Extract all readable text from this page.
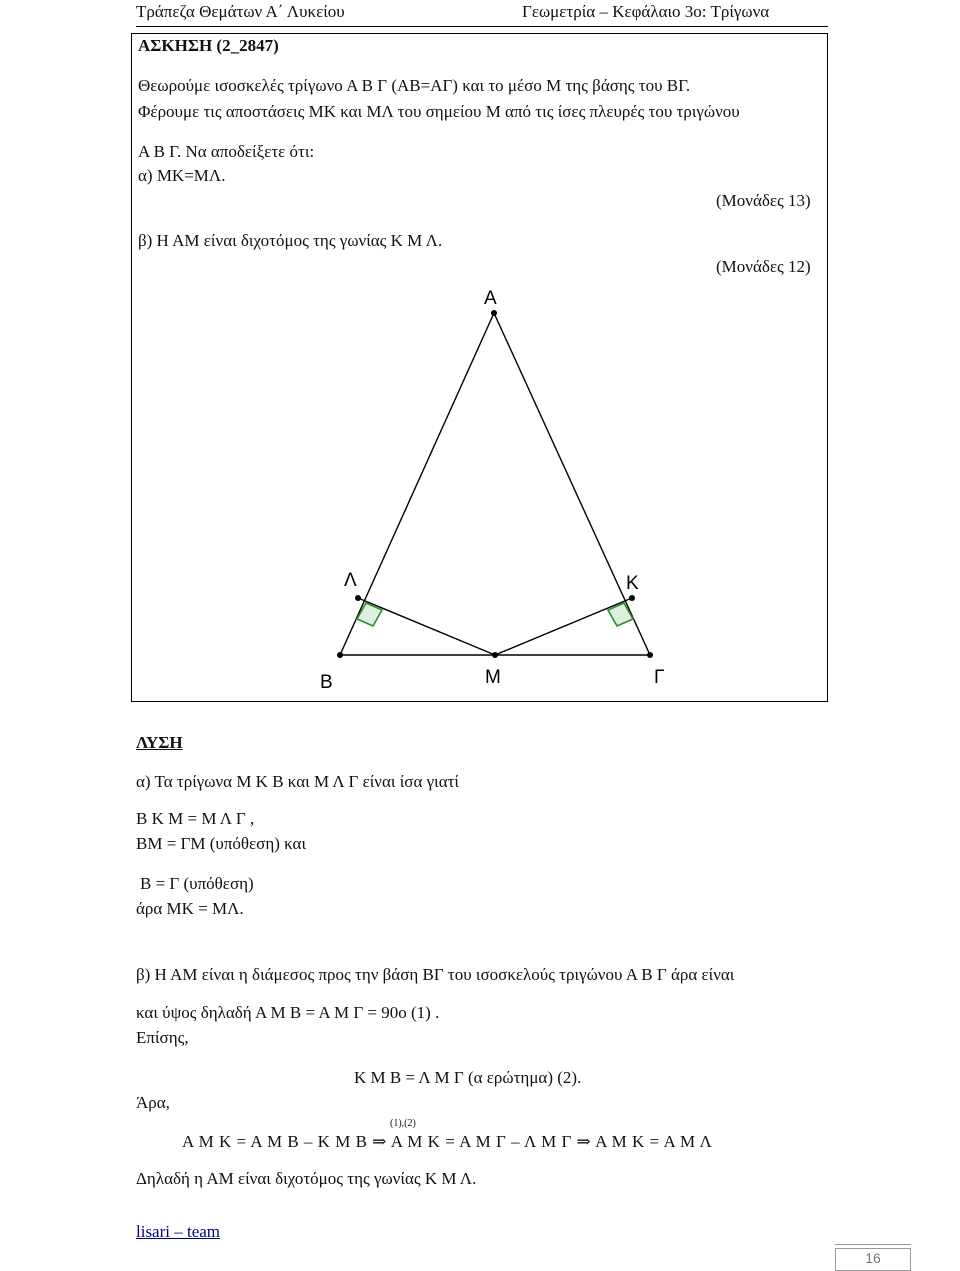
Τράπεζα Θεμάτων Α΄ Λυκείου	Γεωμετρία – Κεφάλαιο 3ο: Τρίγωνα
ΑΣΚΗΣΗ (2_2847)
Θεωρούμε ισοσκελές τρίγωνο Α Β Γ (ΑΒ=ΑΓ) και το μέσο Μ της βάσης του ΒΓ.
Φέρουμε τις αποστάσεις ΜΚ και ΜΛ του σημείου Μ από τις ίσες πλευρές του τριγώνου
Α Β Γ. Να αποδείξετε ότι:
α) ΜΚ=ΜΛ.
(Μονάδες 13)
β) Η ΑΜ είναι διχοτόμος της γωνίας Κ Μ Λ.
(Μονάδες 12)
Α
Β	Γ
Μ
Κ
Λ
ΛΥΣΗ
α) Τα τρίγωνα Μ Κ Β και Μ Λ Γ είναι ίσα γιατί
Β Κ Μ = Μ Λ Γ ,
ΒΜ = ΓΜ (υπόθεση) και
Β = Γ (υπόθεση)
άρα ΜΚ = ΜΛ.
β) Η ΑΜ είναι η διάμεσος προς την βάση ΒΓ του ισοσκελούς τριγώνου Α Β Γ άρα είναι
και ύψος δηλαδή Α Μ Β = Α Μ Γ = 90ο (1) .
Επίσης,
Κ Μ Β = Λ Μ Γ (α ερώτημα) (2).
Άρα,
(1),(2)
Α Μ Κ = Α Μ Β – Κ Μ Β ⇒ Α Μ Κ = Α Μ Γ – Λ Μ Γ ⇒ Α Μ Κ = Α Μ Λ
Δηλαδή η ΑΜ είναι διχοτόμος της γωνίας Κ Μ Λ.
lisari – team
16
